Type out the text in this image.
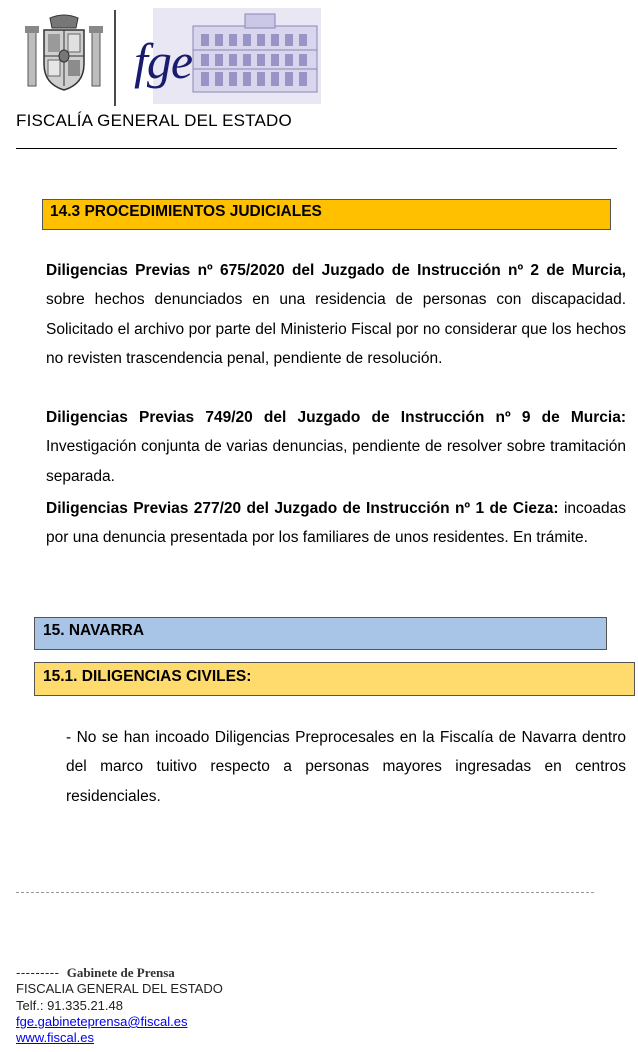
fge
FISCALÍA GENERAL DEL ESTADO
14.3 PROCEDIMIENTOS JUDICIALES

Diligencias Previas nº 675/2020 del Juzgado de Instrucción nº 2 de Murcia, sobre hechos denunciados en una residencia de personas con discapacidad. Solicitado el archivo por parte del Ministerio Fiscal por no considerar que los hechos no revisten trascendencia penal, pendiente de resolución.

Diligencias Previas 749/20 del Juzgado de Instrucción nº 9 de Murcia: Investigación conjunta de varias denuncias, pendiente de resolver sobre tramitación separada.

Diligencias Previas 277/20 del Juzgado de Instrucción nº 1 de Cieza: incoadas por una denuncia presentada por los familiares de unos residentes. En trámite.

15. NAVARRA
15.1. DILIGENCIAS CIVILES:

- No se han incoado Diligencias Preprocesales en la Fiscalía de Navarra dentro del marco tuitivo respecto a personas mayores ingresadas en centros residenciales.

--------- Gabinete de Prensa
FISCALIA GENERAL DEL ESTADO
Telf.: 91.335.21.48
fge.gabineteprensa@fiscal.es
www.fiscal.es
